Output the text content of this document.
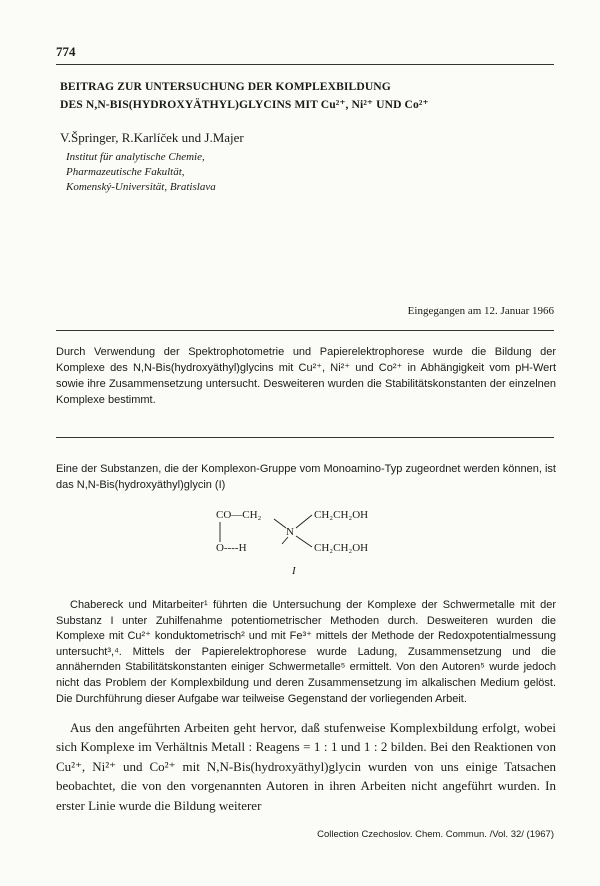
774
BEITRAG ZUR UNTERSUCHUNG DER KOMPLEXBILDUNG
DES N,N-BIS(HYDROXYÄTHYL)GLYCINS MIT Cu²⁺, Ni²⁺ UND Co²⁺
V.Špringer, R.Karlíček und J.Majer
Institut für analytische Chemie,
Pharmazeutische Fakultät,
Komenský-Universität, Bratislava
Eingegangen am 12. Januar 1966

Durch Verwendung der Spektrophotometrie und Papierelektrophorese wurde die Bildung der Komplexe des N,N-Bis(hydroxyäthyl)glycins mit Cu²⁺, Ni²⁺ und Co²⁺ in Abhängigkeit vom pH-Wert sowie ihre Zusammensetzung untersucht. Desweiteren wurden die Stabilitätskonstanten der einzelnen Komplexe bestimmt.

Eine der Substanzen, die der Komplexon-Gruppe vom Monoamino-Typ zugeordnet werden können, ist das N,N-Bis(hydroxyäthyl)glycin (I)

CO—CH₂
N
CH₂CH₂OH
O----H	CH₂CH₂OH
I

Chabereck und Mitarbeiter¹ führten die Untersuchung der Komplexe der Schwermetalle mit der Substanz I unter Zuhilfenahme potentiometrischer Methoden durch. Desweiteren wurden die Komplexe mit Cu²⁺ konduktometrisch² und mit Fe³⁺ mittels der Methode der Redoxpotentialmessung untersucht³,⁴. Mittels der Papierelektrophorese wurde Ladung, Zusammensetzung und die annähernden Stabilitätskonstanten einiger Schwermetalle⁵ ermittelt. Von den Autoren⁵ wurde jedoch nicht das Problem der Komplexbildung und deren Zusammensetzung im alkalischen Medium gelöst. Die Durchführung dieser Aufgabe war teilweise Gegenstand der vorliegenden Arbeit.

Aus den angeführten Arbeiten geht hervor, daß stufenweise Komplexbildung erfolgt, wobei sich Komplexe im Verhältnis Metall : Reagens = 1 : 1 und 1 : 2 bilden. Bei den Reaktionen von Cu²⁺, Ni²⁺ und Co²⁺ mit N,N-Bis(hydroxyäthyl)glycin wurden von uns einige Tatsachen beobachtet, die von den vorgenannten Autoren in ihren Arbeiten nicht angeführt wurden. In erster Linie wurde die Bildung weiterer

Collection Czechoslov. Chem. Commun. /Vol. 32/ (1967)
